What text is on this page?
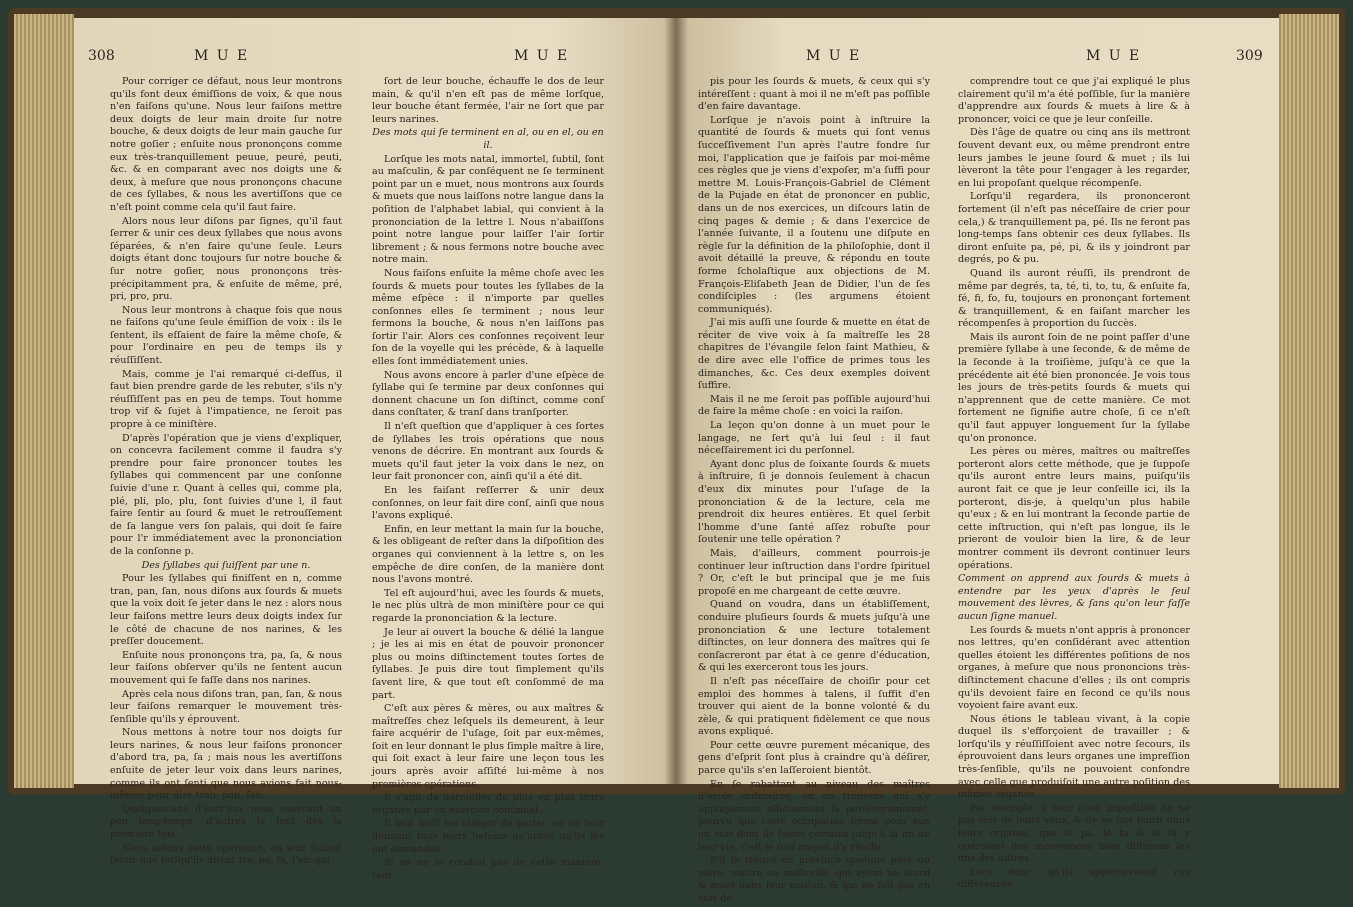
308	M U E	M U E

Pour corriger ce défaut, nous leur montrons qu'ils font deux émiſſions de voix, & que nous n'en faiſons qu'une. Nous leur faiſons mettre deux doigts de leur main droite ſur notre bouche, & deux doigts de leur main gauche ſur notre goſier ; enſuite nous prononçons comme eux très-tranquillement peuue, peuré, peuti, &c. & en comparant avec nos doigts une & deux, à meſure que nous prononçons chacune de ces ſyllabes, & nous les avertiſſons que ce n'eſt point comme cela qu'il faut faire.

Alors nous leur diſons par ſignes, qu'il faut ſerrer & unir ces deux ſyllabes que nous avons ſéparées, & n'en faire qu'une ſeule. Leurs doigts étant donc toujours ſur notre bouche & ſur notre goſier, nous prononçons très-précipitamment pra, & enſuite de même, pré, pri, pro, pru.

Nous leur montrons à chaque fois que nous ne faiſons qu'une ſeule émiſſion de voix : ils le ſentent, ils eſſaient de faire la même choſe, & pour l'ordinaire en peu de temps ils y réuſſiſſent.

Mais, comme je l'ai remarqué ci-deſſus, il faut bien prendre garde de les rebuter, s'ils n'y réuſſiſſent pas en peu de temps. Tout homme trop vif & ſujet à l'impatience, ne ſeroit pas propre à ce miniſtère.

D'après l'opération que je viens d'expliquer, on concevra facilement comme il faudra s'y prendre pour faire prononcer toutes les ſyllabes qui commencent par une conſonne ſuivie d'une r. Quant à celles qui, comme pla, plé, pli, plo, plu, ſont ſuivies d'une l, il faut faire ſentir au ſourd & muet le retrouſſement de ſa langue vers ſon palais, qui doit ſe faire pour l'r immédiatement avec la prononciation de la conſonne p.

Des ſyllabes qui ſuiſſent par une n.

Pour les ſyllabes qui finiſſent en n, comme tran, pan, ſan, nous diſons aux ſourds & muets que la voix doit ſe jeter dans le nez : alors nous leur faiſons mettre leurs deux doigts index ſur le côté de chacune de nos narines, & les preſſer doucement.

Enſuite nous prononçons tra, pa, ſa, & nous leur faiſons obſerver qu'ils ne ſentent aucun mouvement qui ſe faſſe dans nos narines.

Après cela nous diſons tran, pan, ſan, & nous leur faiſons remarquer le mouvement très-ſenſible qu'ils y éprouvent.

Nous mettons à notre tour nos doigts ſur leurs narines, & nous leur faiſons prononcer d'abord tra, pa, ſa ; mais nous les avertiſſons enſuite de jeter leur voix dans leurs narines, comme ils ont ſenti que nous avions fait nous-mêmes pour dire tran, pan, ſan.

Quelques-uns d'entr'eux nous exercent un peu long-temps, d'autres le font dès la première fois.

Nous aidons cette opération, en leur faiſant ſentir que lorſqu'ils diſent tra, pa, ſa, l'air qui

ſort de leur bouche, échauffe le dos de leur main, & qu'il n'en eſt pas de même lorſque, leur bouche étant fermée, l'air ne ſort que par leurs narines.

Des mots qui ſe terminent en al, ou en el, ou en il.

Lorſque les mots natal, immortel, ſubtil, ſont au maſculin, & par conſéquent ne ſe terminent point par un e muet, nous montrons aux ſourds & muets que nous laiſſons notre langue dans la poſition de l'alphabet labial, qui convient à la prononciation de la lettre l. Nous n'abaiſſons point notre langue pour laiſſer l'air ſortir librement ; & nous fermons notre bouche avec notre main.

Nous faiſons enſuite la même choſe avec les ſourds & muets pour toutes les ſyllabes de la même eſpèce : il n'importe par quelles conſonnes elles ſe terminent ; nous leur fermons la bouche, & nous n'en laiſſons pas ſortir l'air. Alors ces conſonnes reçoivent leur ſon de la voyelle qui les précède, & à laquelle elles ſont immédiatement unies.

Nous avons encore à parler d'une eſpèce de ſyllabe qui ſe termine par deux conſonnes qui donnent chacune un ſon diſtinct, comme conſ dans conſtater, & tranſ dans tranſporter.

Il n'eſt queſtion que d'appliquer à ces ſortes de ſyllabes les trois opérations que nous venons de décrire. En montrant aux ſourds & muets qu'il faut jeter la voix dans le nez, on leur fait prononcer con, ainſi qu'il a été dit.

En les faiſant reſſerrer & unir deux conſonnes, on leur fait dire conſ, ainſi que nous l'avons expliqué.

Enfin, en leur mettant la main ſur la bouche, & les obligeant de reſter dans la diſpoſition des organes qui conviennent à la lettre s, on les empêche de dire conſen, de la manière dont nous l'avons montré.

Tel eſt aujourd'hui, avec les ſourds & muets, le nec plùs ultrà de mon miniſtère pour ce qui regarde la prononciation & la lecture.

Je leur ai ouvert la bouche & délié la langue ; je les ai mis en état de pouvoir prononcer plus ou moins diſtinctement toutes ſortes de ſyllabes. Je puis dire tout ſimplement qu'ils ſavent lire, & que tout eſt conſommé de ma part.

C'eſt aux pères & mères, ou aux maîtres & maîtreſſes chez leſquels ils demeurent, à leur faire acquérir de l'uſage, ſoit par eux-mêmes, ſoit en leur donnant le plus ſimple maître à lire, qui ſoit exact à leur faire une leçon tous les jours après avoir aſſiſté lui-même à nos premières opérations.

Il s'agit de dérouiller de plus en plus leurs organes par un exercice continuel.

Il faut auſſi les obliger de parler, en ne leur donnant tous leurs beſoins qu'après qu'ils les ont demandés.

Si on ne ſe conduit pas de cette manière, tant

M U E	M U E	309

pis pour les ſourds & muets, & ceux qui s'y intéreſſent : quant à moi il ne m'eſt pas poſſible d'en faire davantage.

Lorſque je n'avois point à inſtruire la quantité de ſourds & muets qui ſont venus ſucceſſivement l'un après l'autre fondre ſur moi, l'application que je faiſois par moi-même ces règles que je viens d'expoſer, m'a ſuffi pour mettre M. Louis-François-Gabriel de Clément de la Pujade en état de prononcer en public, dans un de nos exercices, un diſcours latin de cinq pages & demie ; & dans l'exercice de l'année ſuivante, il a ſoutenu une diſpute en règle ſur la définition de la philoſophie, dont il avoit détaillé la preuve, & répondu en toute forme ſcholaſtique aux objections de M. François-Eliſabeth Jean de Didier, l'un de ſes condiſciples : (les argumens étoient communiqués).

J'ai mis auſſi une ſourde & muette en état de réciter de vive voix à ſa maîtreſſe les 28 chapitres de l'évangile ſelon ſaint Mathieu, & de dire avec elle l'office de primes tous les dimanches, &c. Ces deux exemples doivent ſuffire.

Mais il ne me ſeroit pas poſſible aujourd'hui de faire la même choſe : en voici la raiſon.

La leçon qu'on donne à un muet pour le langage, ne ſert qu'à lui ſeul : il faut néceſſairement ici du perſonnel.

Ayant donc plus de ſoixante ſourds & muets à inſtruire, ſi je donnois ſeulement à chacun d'eux dix minutes pour l'uſage de la prononciation & de la lecture, cela me prendroit dix heures entières. Et quel ſerbit l'homme d'une ſanté aſſez robuſte pour ſoutenir une telle opération ?

Mais, d'ailleurs, comment pourrois-je continuer leur inſtruction dans l'ordre ſpirituel ? Or, c'eſt le but principal que je me ſuis propoſé en me chargeant de cette œuvre.

Quand on voudra, dans un établiſſement, conduire pluſieurs ſourds & muets juſqu'à une prononciation & une lecture totalement diſtinctes, on leur donnera des maîtres qui ſe conſacreront par état à ce genre d'éducation, & qui les exerceront tous les jours.

Il n'eſt pas néceſſaire de choiſir pour cet emploi des hommes à talens, il ſuffit d'en trouver qui aient de la bonne volonté & du zèle, & qui pratiquent fidèlement ce que nous avons expliqué.

Pour cette œuvre purement mécanique, des gens d'eſprit ſont plus à craindre qu'à déſirer, parce qu'ils s'en laſſeroient bientôt.

En ſe rabattant au niveau des maîtres d'école ordinaires, on en trouvera qui s'y appliqueront aſſiduement & perſévéramment, pourvu que cette occupation forme pour eux un état dont ils ſoient certains juſqu'à la fin de leur vie, c'eſt le ſeul moyen d'y réuſſir.

S'il ſe trouve en province quelque père ou mère, maître ou maîtreſſe, qui ayent un ſourd & muet dans leur maiſon, & qui ne ſoit pas en état de

comprendre tout ce que j'ai expliqué le plus clairement qu'il m'a été poſſible, ſur la manière d'apprendre aux ſourds & muets à lire & à prononcer, voici ce que je leur conſeille.

Dès l'âge de quatre ou cinq ans ils mettront ſouvent devant eux, ou même prendront entre leurs jambes le jeune ſourd & muet ; ils lui lèveront la tête pour l'engager à les regarder, en lui propoſant quelque récompenſe.

Lorſqu'il regardera, ils prononceront fortement (il n'eſt pas néceſſaire de crier pour cela,) & tranquillement pa, pé. Ils ne feront pas long-temps ſans obtenir ces deux ſyllabes. Ils diront enſuite pa, pé, pi, & ils y joindront par degrés, po & pu.

Quand ils auront réuſſi, ils prendront de même par degrés, ta, té, ti, to, tu, & enſuite fa, fé, fi, fo, fu, toujours en prononçant fortement & tranquillement, & en faiſant marcher les récompenſes à proportion du ſuccès.

Mais ils auront ſoin de ne point paſſer d'une première ſyllabe à une ſeconde, & de même de la ſeconde à la troiſième, juſqu'à ce que la précédente ait été bien prononcée. Je vois tous les jours de très-petits ſourds & muets qui n'apprennent que de cette manière. Ce mot fortement ne ſignifie autre choſe, ſi ce n'eſt qu'il faut appuyer longuement ſur la ſyllabe qu'on prononce.

Les pères ou mères, maîtres ou maîtreſſes porteront alors cette méthode, que je ſuppoſe qu'ils auront entre leurs mains, puiſqu'ils auront fait ce que je leur conſeille ici, ils la porteront, dis-je, à quelqu'un plus habile qu'eux ; & en lui montrant la ſeconde partie de cette inſtruction, qui n'eſt pas longue, ils le prieront de vouloir bien la lire, & de leur montrer comment ils devront continuer leurs opérations.

Comment on apprend aux ſourds & muets à entendre par les yeux d'après le ſeul mouvement des lèvres, & ſans qu'on leur faſſe aucun ſigne manuel.

Les ſourds & muets n'ont appris à prononcer nos lettres, qu'en conſidérant avec attention quelles étoient les différentes poſitions de nos organes, à meſure que nous prononcions très-diſtinctement chacune d'elles ; ils ont compris qu'ils devoient faire en ſecond ce qu'ils nous voyoient faire avant eux.

Nous étions le tableau vivant, à la copie duquel ils s'efforçoient de travailler ; & lorſqu'ils y réuſſiſſoient avec notre ſecours, ils éprouvoient dans leurs organes une impreſſion très-ſenſible, qu'ils ne pouvoient confondre avec celle que produiſoit une autre poſition des mêmes organes.

Par exemple, il leur étoit impoſſible de ne pas voir de leurs yeux, & de ne pas ſentir dans leurs organes, que le pa, le ta & le fa y opéroient des mouvemens bien différens les uns des autres.

Lors donc qu'ils appercevoient ces différences
